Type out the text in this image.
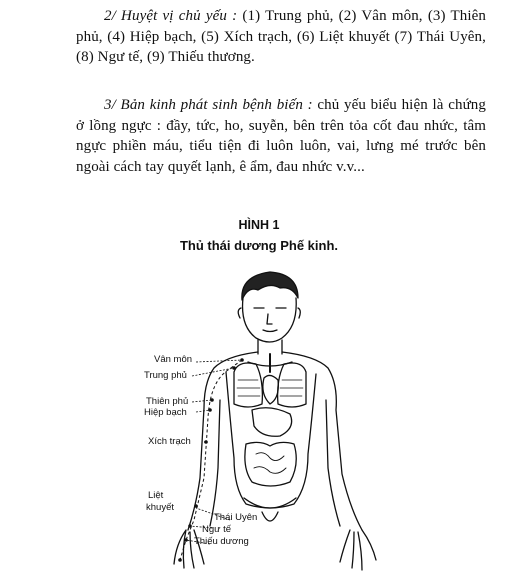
2/ Huyệt vị chủ yếu : (1) Trung phủ, (2) Vân môn, (3) Thiên phủ, (4) Hiệp bạch, (5) Xích trạch, (6) Liệt khuyết (7) Thái Uyên, (8) Ngư tế, (9) Thiếu thương.

3/ Bản kinh phát sinh bệnh biến : chủ yếu biểu hiện là chứng ở lồng ngực : đầy, tức, ho, suyễn, bên trên tỏa cốt đau nhức, tâm ngực phiền máu, tiểu tiện đi luôn luôn, vai, lưng mé trước bên ngoài cách tay quyết lạnh, ê ẩm, đau nhức v.v...

HÌNH 1

Thủ thái dương Phế kinh.

Vân môn
Trung phủ
Thiên phủ
Hiệp bạch
Xích trạch
Liệt
khuyết
Thái Uyên
Ngư tế
Thiếu dương
